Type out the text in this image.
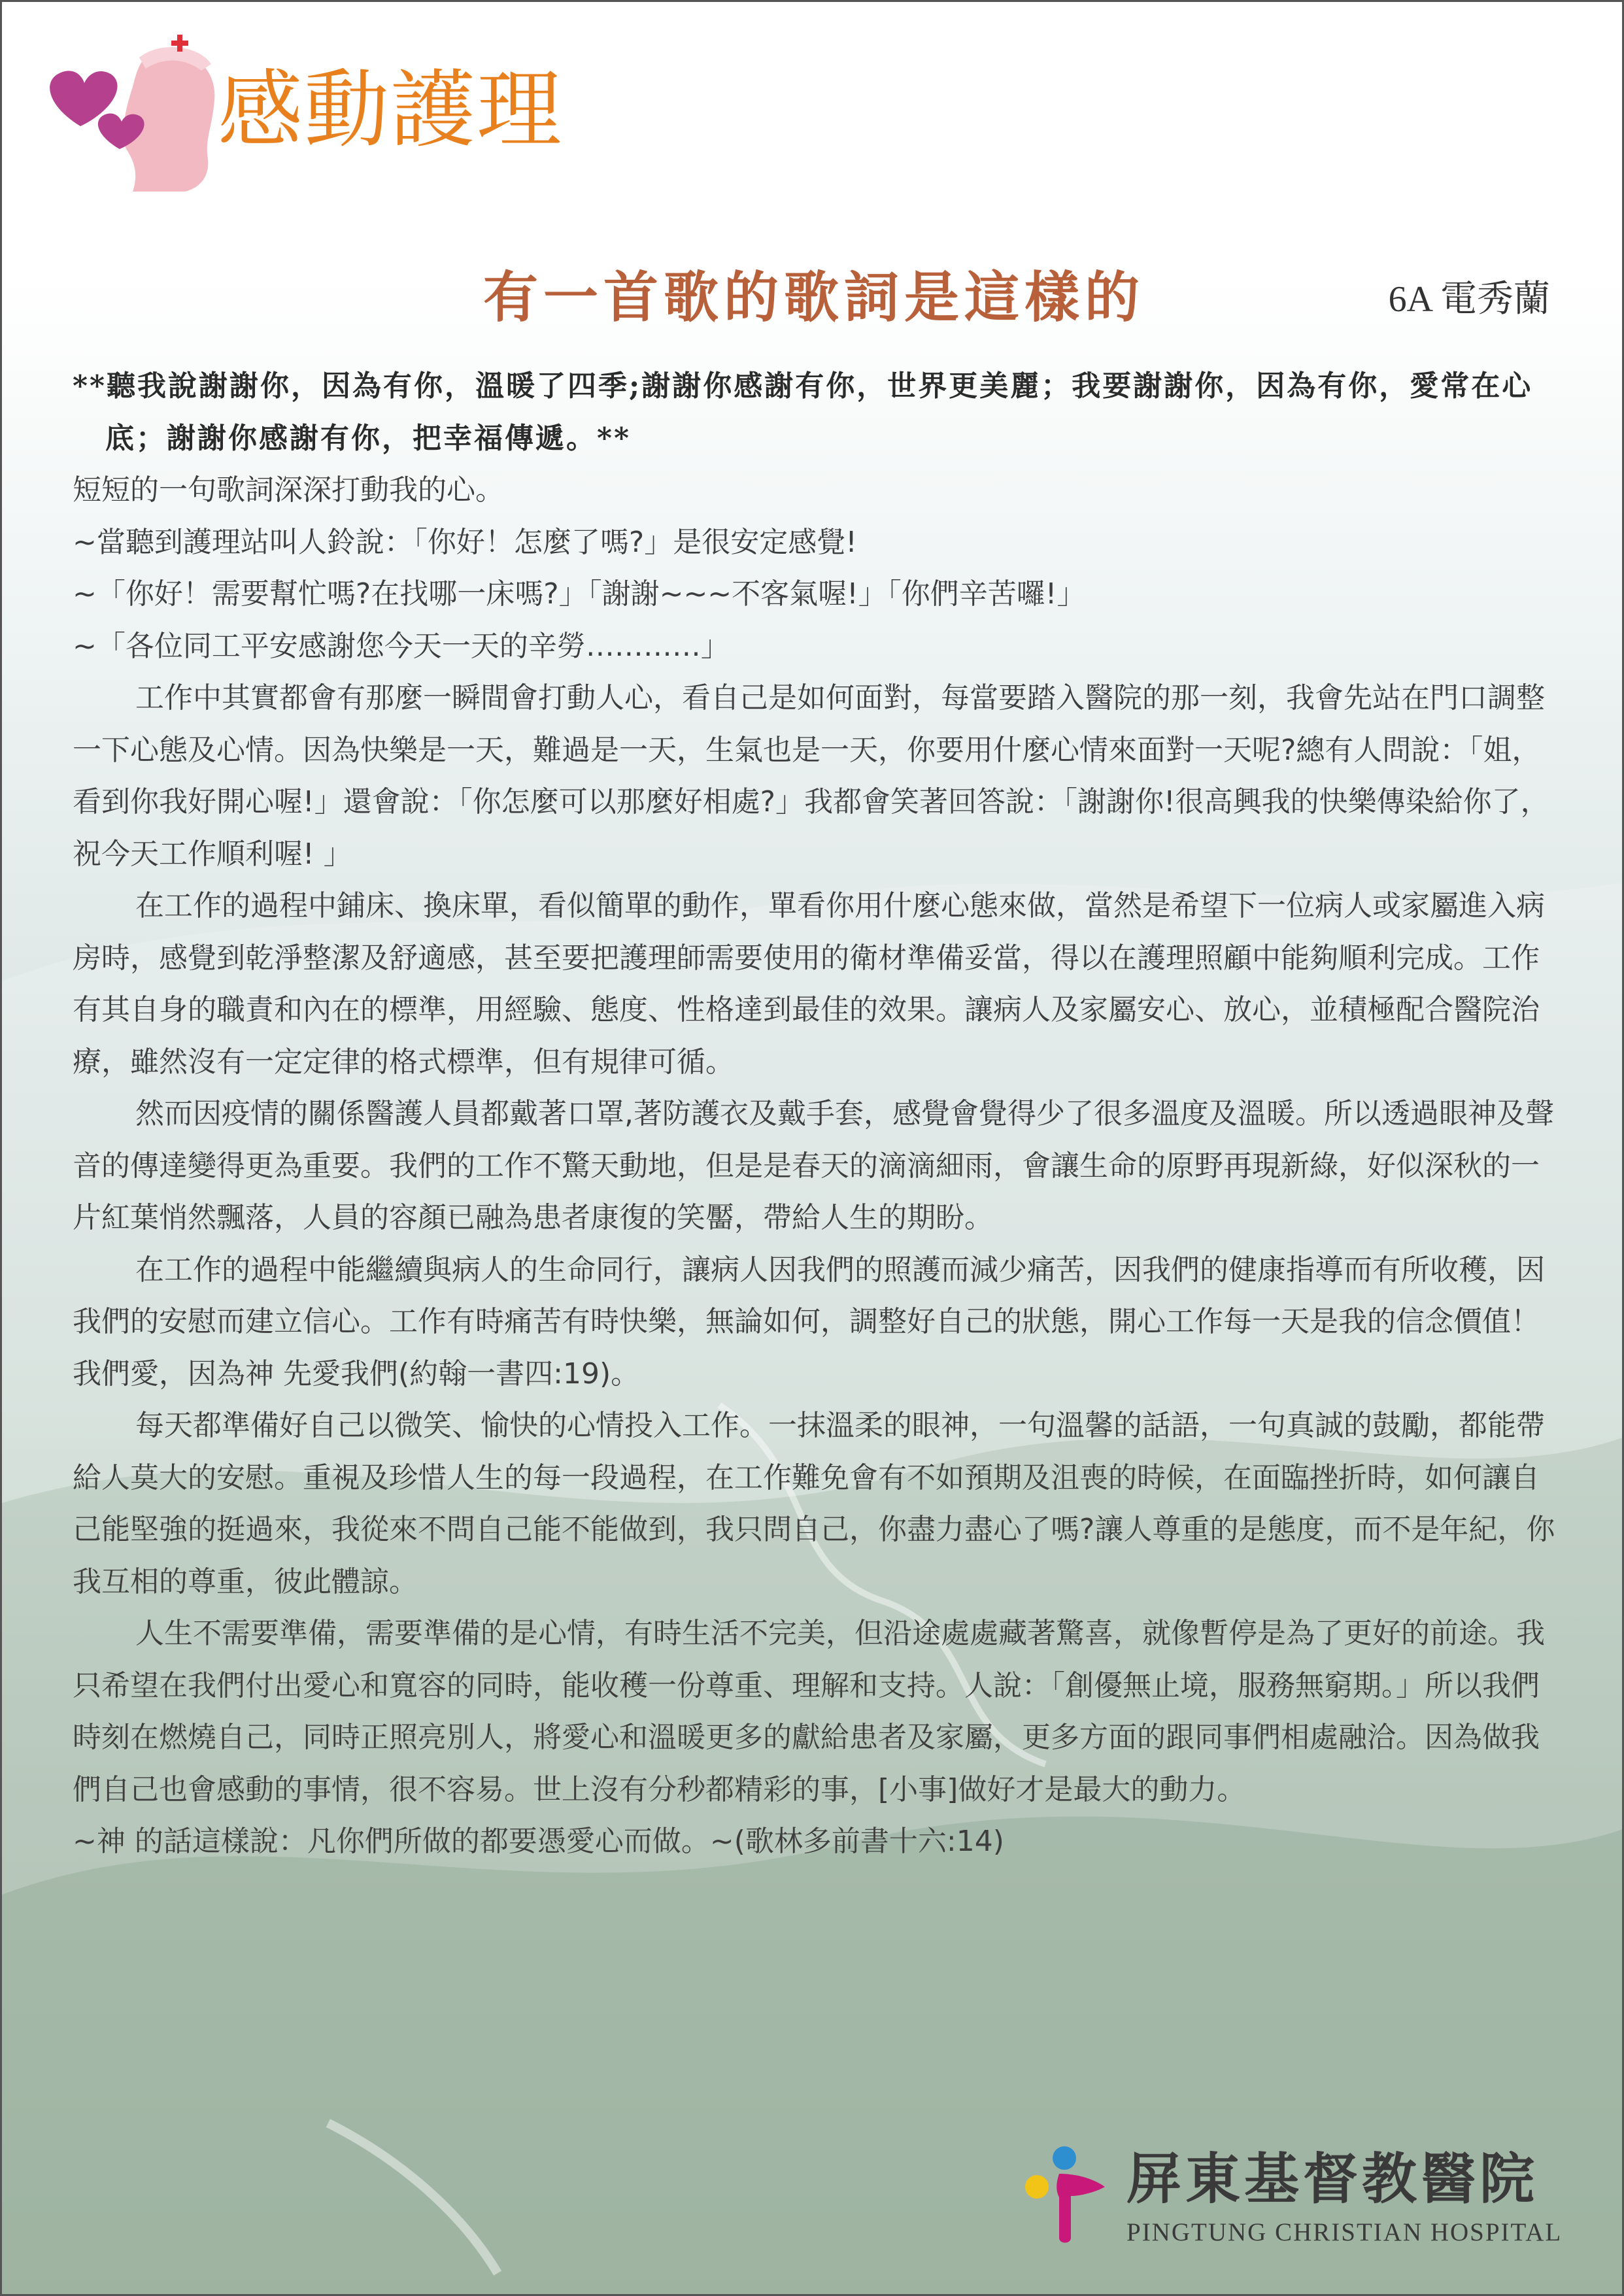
感動護理
有一首歌的歌詞是這樣的	6A 電秀蘭

**聽我說謝謝你，因為有你，溫暖了四季;謝謝你感謝有你，世界更美麗；我要謝謝你，因為有你，愛常在心底；謝謝你感謝有你，把幸福傳遞。**

短短的一句歌詞深深打動我的心。

~當聽到護理站叫人鈴說：「你好！怎麼了嗎?」是很安定感覺!

~「你好！需要幫忙嗎?在找哪一床嗎?」「謝謝~~~不客氣喔!」「你們辛苦囉!」

~「各位同工平安感謝您今天一天的辛勞…………」

工作中其實都會有那麼一瞬間會打動人心，看自己是如何面對，每當要踏入醫院的那一刻，我會先站在門口調整一下心態及心情。因為快樂是一天，難過是一天，生氣也是一天，你要用什麼心情來面對一天呢?總有人問說：「姐，看到你我好開心喔!」還會說：「你怎麼可以那麼好相處?」我都會笑著回答說：「謝謝你!很高興我的快樂傳染給你了，祝今天工作順利喔! 」

在工作的過程中鋪床、換床單，看似簡單的動作，單看你用什麼心態來做，當然是希望下一位病人或家屬進入病房時，感覺到乾淨整潔及舒適感，甚至要把護理師需要使用的衛材準備妥當，得以在護理照顧中能夠順利完成。工作有其自身的職責和內在的標準，用經驗、態度、性格達到最佳的效果。讓病人及家屬安心、放心，並積極配合醫院治療，雖然沒有一定定律的格式標準，但有規律可循。

然而因疫情的關係醫護人員都戴著口罩,著防護衣及戴手套，感覺會覺得少了很多溫度及溫暖。所以透過眼神及聲音的傳達變得更為重要。我們的工作不驚天動地，但是是春天的滴滴細雨，會讓生命的原野再現新綠，好似深秋的一片紅葉悄然飄落，人員的容顏已融為患者康復的笑靨，帶給人生的期盼。

在工作的過程中能繼續與病人的生命同行，讓病人因我們的照護而減少痛苦，因我們的健康指導而有所收穫，因我們的安慰而建立信心。工作有時痛苦有時快樂，無論如何，調整好自己的狀態，開心工作每一天是我的信念價值！我們愛，因為神 先愛我們(約翰一書四:19)。

每天都準備好自己以微笑、愉快的心情投入工作。一抹溫柔的眼神，一句溫馨的話語，一句真誠的鼓勵，都能帶給人莫大的安慰。重視及珍惜人生的每一段過程，在工作難免會有不如預期及沮喪的時候，在面臨挫折時，如何讓自己能堅強的挺過來，我從來不問自己能不能做到，我只問自己，你盡力盡心了嗎?讓人尊重的是態度，而不是年紀，你我互相的尊重，彼此體諒。

人生不需要準備，需要準備的是心情，有時生活不完美，但沿途處處藏著驚喜，就像暫停是為了更好的前途。我只希望在我們付出愛心和寬容的同時，能收穫一份尊重、理解和支持。人說：「創優無止境，服務無窮期。」所以我們時刻在燃燒自己，同時正照亮別人，將愛心和溫暖更多的獻給患者及家屬，更多方面的跟同事們相處融洽。因為做我們自己也會感動的事情，很不容易。世上沒有分秒都精彩的事，[小事]做好才是最大的動力。

~神 的話這樣說：凡你們所做的都要憑愛心而做。~(歌林多前書十六:14)

屏東基督教醫院
PINGTUNG CHRISTIAN HOSPITAL
